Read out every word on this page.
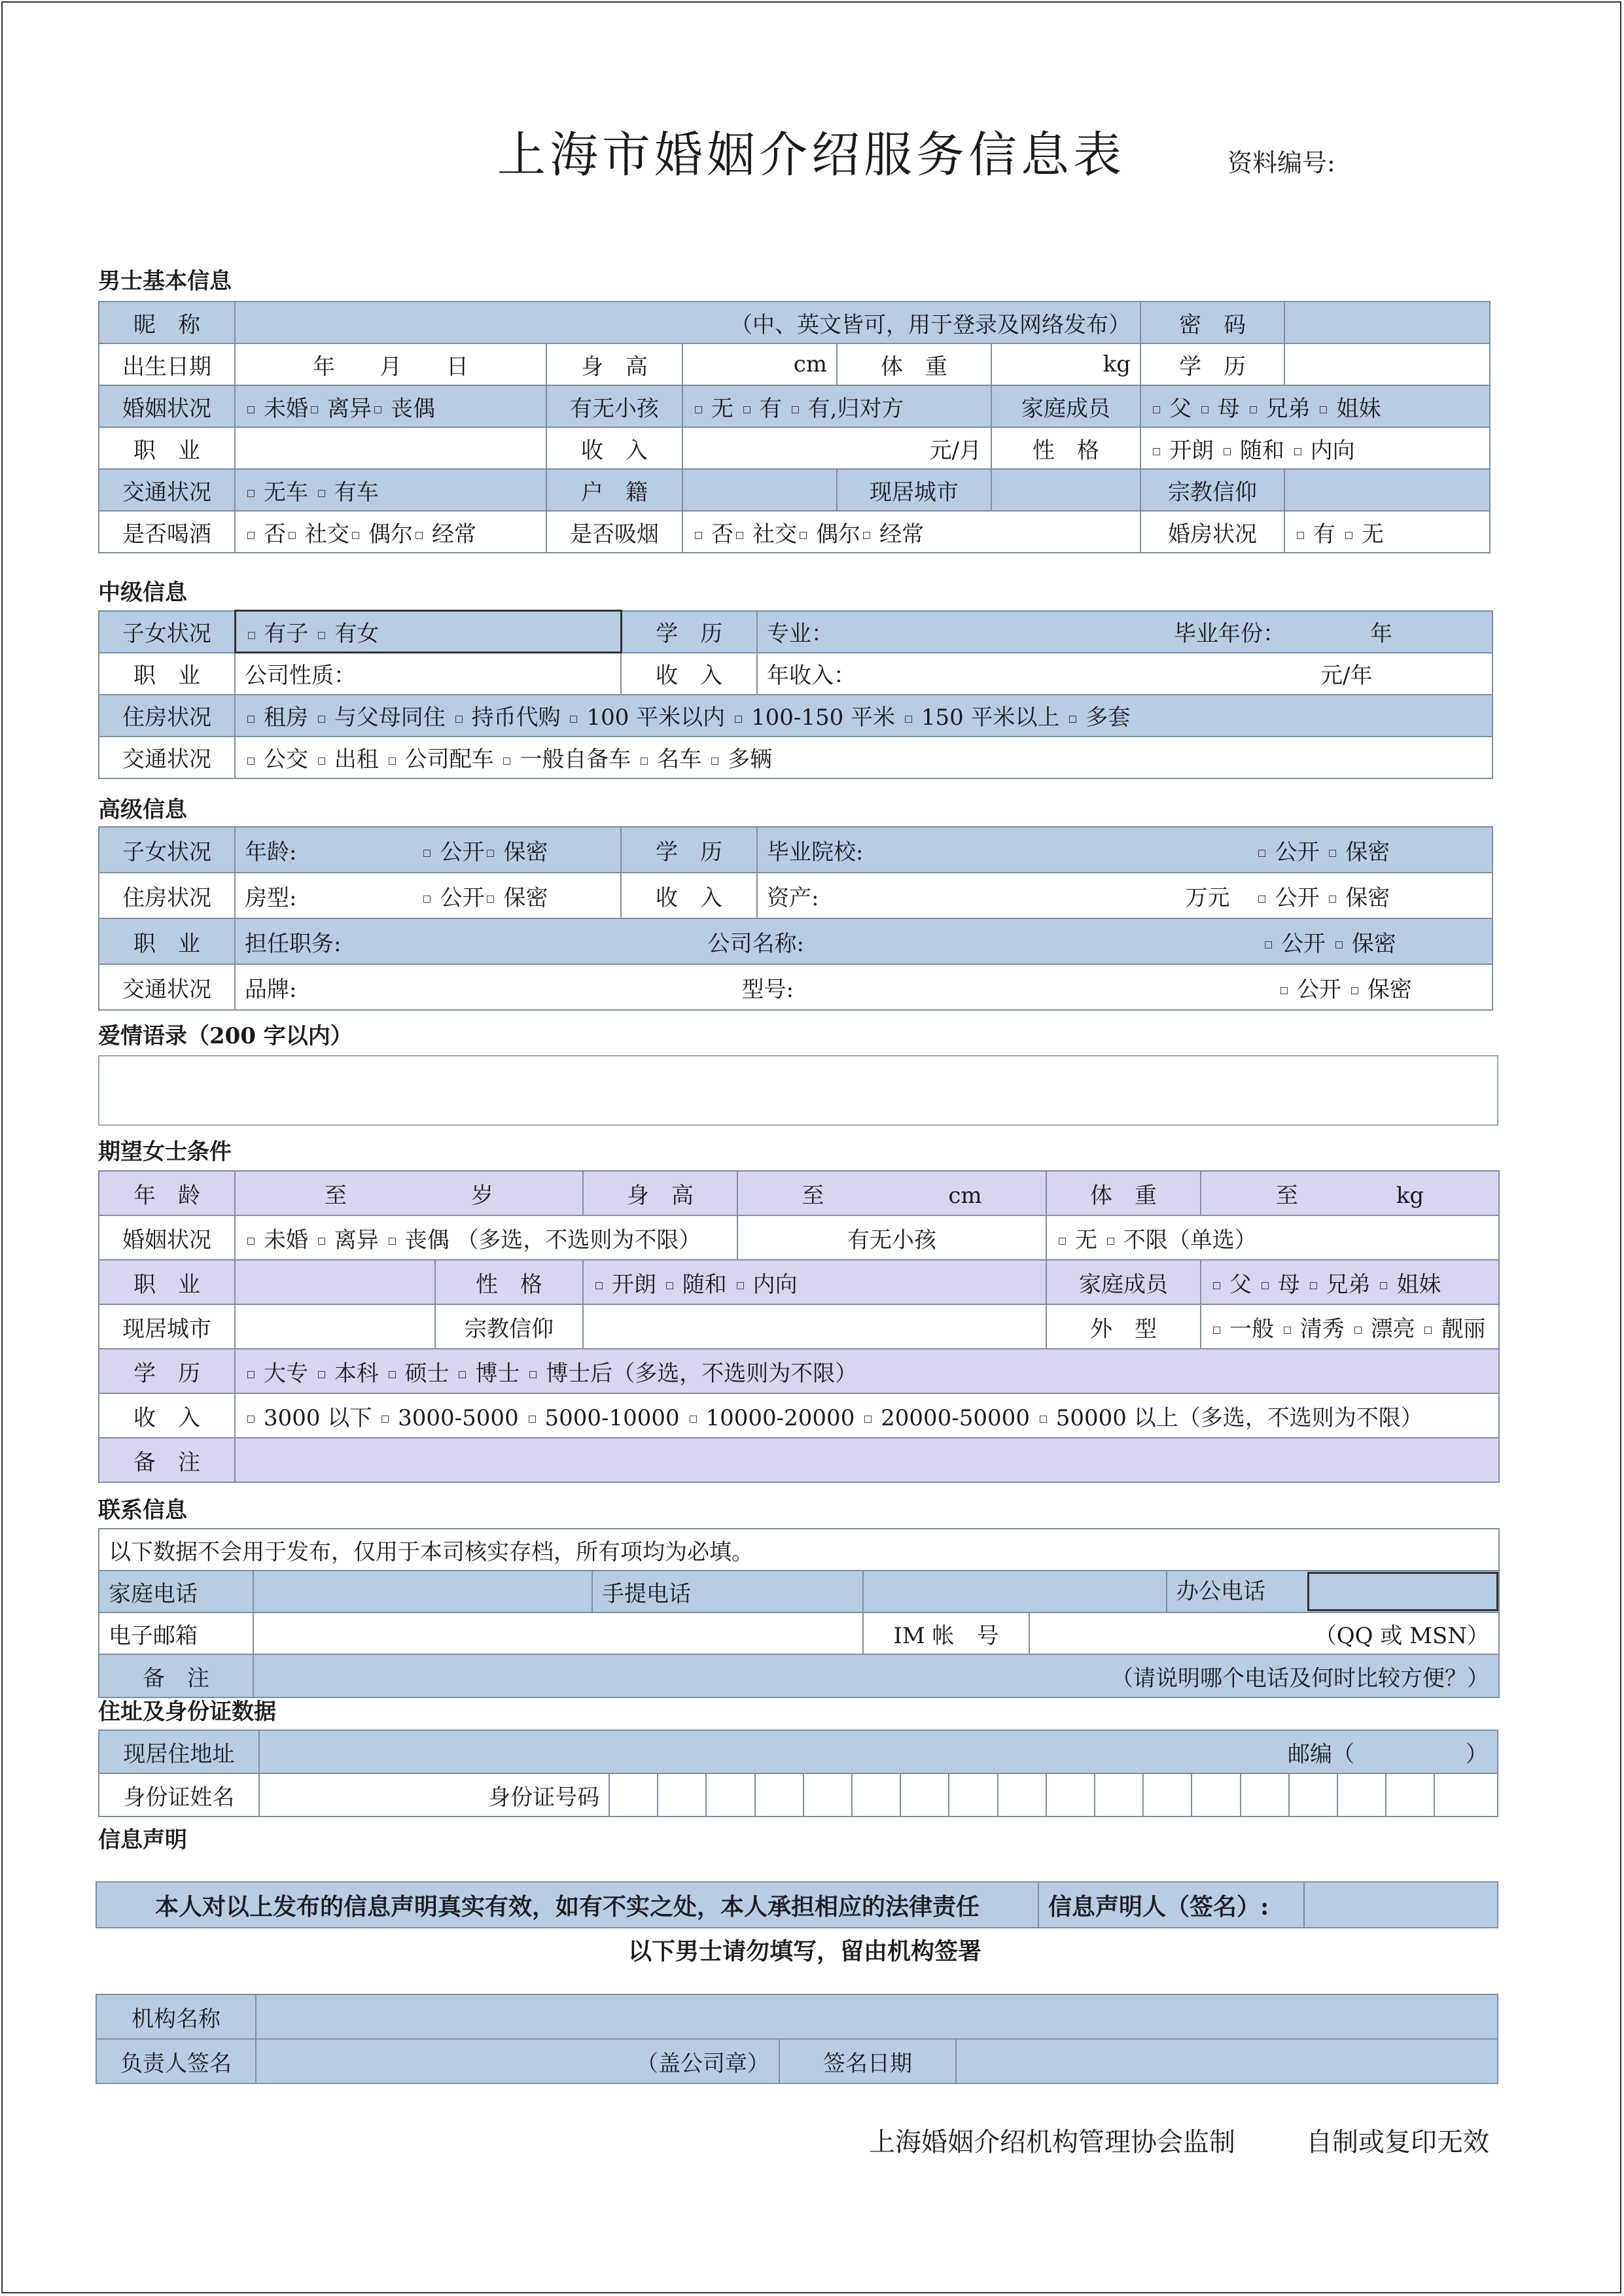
上海市婚姻介绍服务信息表	资料编号:
男士基本信息
昵　称	（中、英文皆可，用于登录及网络发布）					密　码	
出生日期	年　　月　　日	身　高	cm	体　重	kg	学　历	
婚姻状况	未婚 离异 丧偶	有无小孩	无 有 有,归对方		家庭成员	父 母 兄弟 姐妹	
职　业		收　入	元/月		性　格	开朗 随和 内向	
交通状况	无车 有车	户　籍		现居城市		宗教信仰	
是否喝酒	否 社交 偶尔 经常	是否吸烟	否 社交 偶尔 经常			婚房状况	有 无
中级信息
子女状况	有子 有女	学　历	专业： 毕业年份： 年
职　业	公司性质：	收　入	年收入： 元/年
住房状况	租房 与父母同住 持币代购 100 平米以内 100-150 平米 150 平米以上 多套		
交通状况	公交 出租 公司配车 一般自备车 名车 多辆		
高级信息
子女状况	年龄: 公开 保密	学　历	毕业院校: 公开 保密
住房状况	房型: 公开 保密	收　入	资产: 万元 公开 保密
职　业	担任职务: 公司名称: 公开 保密		
交通状况	品牌: 型号: 公开 保密		
爱情语录（200 字以内）
期望女士条件
年　龄	至 岁		身　高	至 cm	体　重	至 kg
婚姻状况	未婚 离异 丧偶 （多选，不选则为不限）			有无小孩	无 不限（单选）	
职　业		性　格	开朗 随和 内向		家庭成员	父 母 兄弟 姐妹
现居城市		宗教信仰			外　型	一般 清秀 漂亮 靓丽
学　历	大专 本科 硕士 博士 博士后（多选，不选则为不限）					
收　入	3000 以下 3000-5000 5000-10000 10000-20000 20000-50000 50000 以上（多选，不选则为不限）					
备　注						
联系信息
以下数据不会用于发布，仅用于本司核实存档，所有项均为必填。					
家庭电话		手提电话			办公电话

电子邮箱			IM 帐　号	（QQ 或 MSN）	
备　注	（请说明哪个电话及何时比较方便？）				
住址及身份证数据
现居住地址	邮编（　　　　　）																		
身份证姓名	身份证号码																		
信息声明
本人对以上发布的信息声明真实有效，如有不实之处，本人承担相应的法律责任	信息声明人（签名）:	
以下男士请勿填写，留由机构签署
机构名称			
负责人签名	（盖公司章）	签名日期	
上海婚姻介绍机构管理协会监制	自制或复印无效
